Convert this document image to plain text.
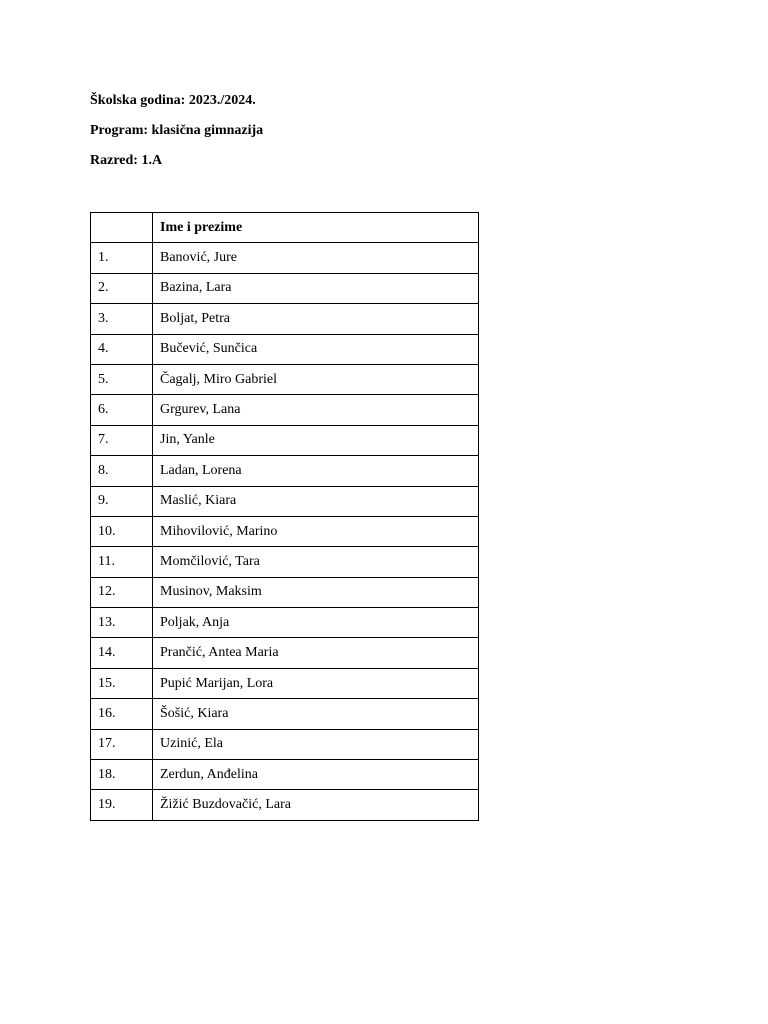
Školska godina: 2023./2024.

Program: klasična gimnazija

Razred: 1.A

	Ime i prezime
1.	Banović, Jure
2.	Bazina, Lara
3.	Boljat, Petra
4.	Bučević, Sunčica
5.	Čagalj, Miro Gabriel
6.	Grgurev, Lana
7.	Jin, Yanle
8.	Ladan, Lorena
9.	Maslić, Kiara
10.	Mihovilović, Marino
11.	Momčilović, Tara
12.	Musinov, Maksim
13.	Poljak, Anja
14.	Prančić, Antea Maria
15.	Pupić Marijan, Lora
16.	Šošić, Kiara
17.	Uzinić, Ela
18.	Zerdun, Anđelina
19.	Žižić Buzdovačić, Lara
